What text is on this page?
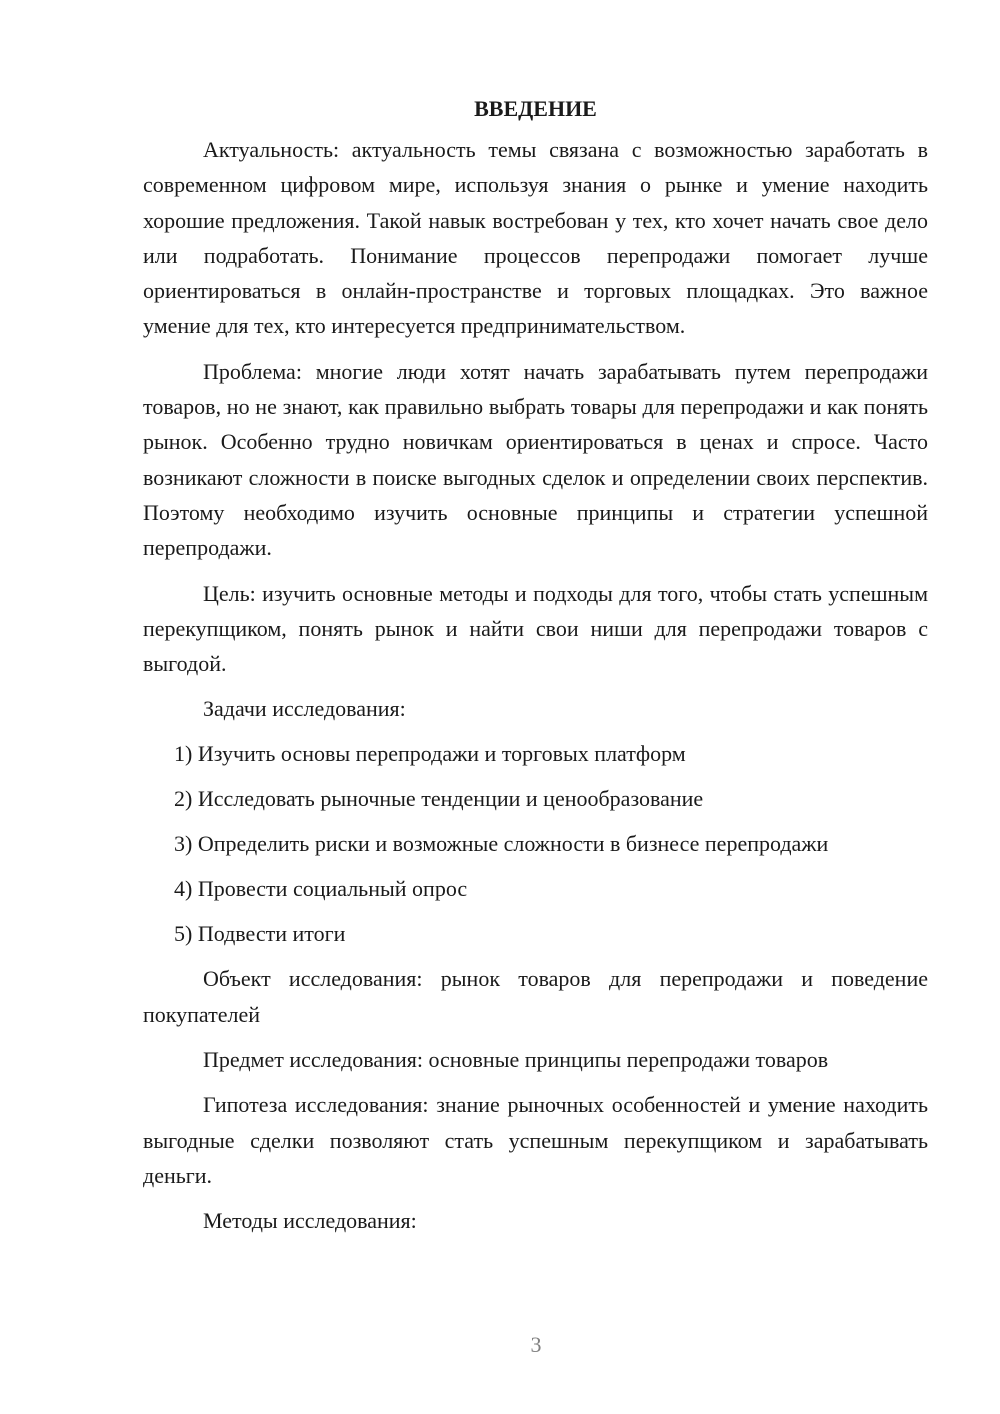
ВВЕДЕНИЕ

Актуальность: актуальность темы связана с возможностью заработать в современном цифровом мире, используя знания о рынке и умение находить хорошие предложения. Такой навык востребован у тех, кто хочет начать свое дело или подработать. Понимание процессов перепродажи помогает лучше ориентироваться в онлайн-пространстве и торговых площадках. Это важное умение для тех, кто интересуется предпринимательством.

Проблема: многие люди хотят начать зарабатывать путем перепродажи товаров, но не знают, как правильно выбрать товары для перепродажи и как понять рынок. Особенно трудно новичкам ориентироваться в ценах и спросе. Часто возникают сложности в поиске выгодных сделок и определении своих перспектив. Поэтому необходимо изучить основные принципы и стратегии успешной перепродажи.

Цель: изучить основные методы и подходы для того, чтобы стать успешным перекупщиком, понять рынок и найти свои ниши для перепродажи товаров с выгодой.

Задачи исследования:

1) Изучить основы перепродажи и торговых платформ

2) Исследовать рыночные тенденции и ценообразование

3) Определить риски и возможные сложности в бизнесе перепродажи

4) Провести социальный опрос

5) Подвести итоги

Объект исследования: рынок товаров для перепродажи и поведение покупателей

Предмет исследования: основные принципы перепродажи товаров

Гипотеза исследования: знание рыночных особенностей и умение находить выгодные сделки позволяют стать успешным перекупщиком и зарабатывать деньги.

Методы исследования:

3
